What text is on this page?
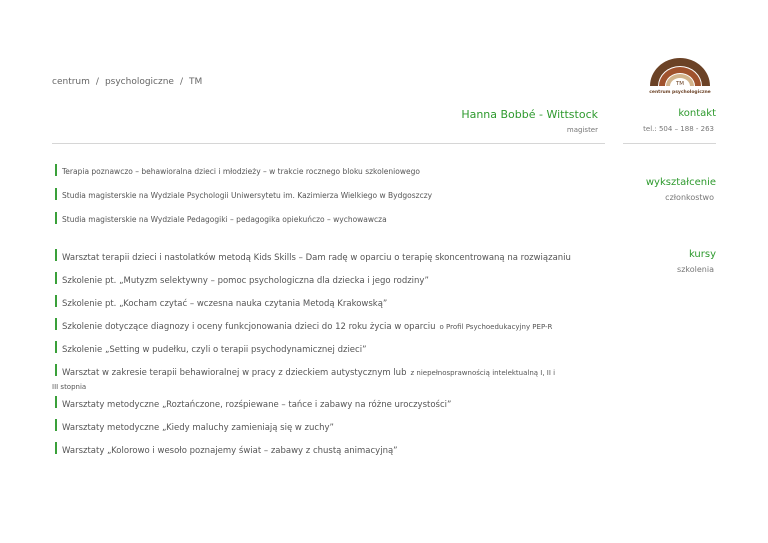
centrum / psychologiczne / TM	TM
centrum psychologiczne
Hanna Bobbé - Wittstock
magister
kontakt
tel.: 504 – 188 - 263
wykształcenie
członkostwo
kursy
szkolenia
Terapia poznawczo – behawioralna dzieci i młodzieży – w trakcie rocznego bloku szkoleniowego
Studia magisterskie na Wydziale Psychologii Uniwersytetu im. Kazimierza Wielkiego w Bydgoszczy
Studia magisterskie na Wydziale Pedagogiki – pedagogika opiekuńczo – wychowawcza
Warsztat terapii dzieci i nastolatków metodą Kids Skills – Dam radę w oparciu o terapię skoncentrowaną na rozwiązaniu
Szkolenie pt. „Mutyzm selektywny – pomoc psychologiczna dla dziecka i jego rodziny”
Szkolenie pt. „Kocham czytać – wczesna nauka czytania Metodą Krakowską”
Szkolenie dotyczące diagnozy i oceny funkcjonowania dzieci do 12 roku życia w oparciu o Profil Psychoedukacyjny PEP-R
Szkolenie „Setting w pudełku, czyli o terapii psychodynamicznej dzieci”
Warsztat w zakresie terapii behawioralnej w pracy z dzieckiem autystycznym lub z niepełnosprawnością intelektualną I, II i
III stopnia
Warsztaty metodyczne „Roztańczone, rozśpiewane – tańce i zabawy na różne uroczystości”
Warsztaty metodyczne „Kiedy maluchy zamieniają się w zuchy”
Warsztaty „Kolorowo i wesoło poznajemy świat – zabawy z chustą animacyjną”
